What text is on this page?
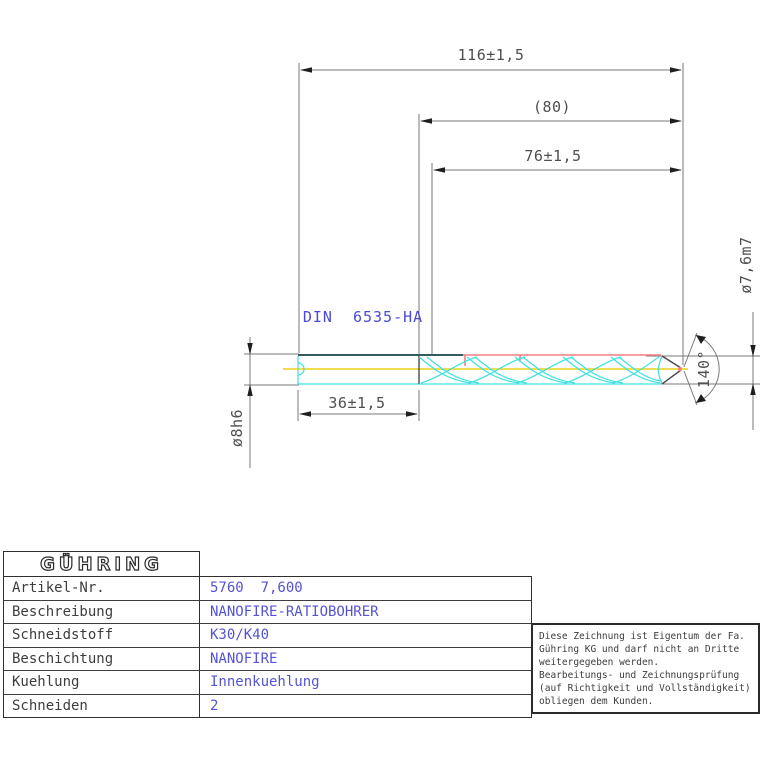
116±1,5
(80)
76±1,5
36±1,5
ø8h6
ø7,6m7
140°
DIN  6535-HA
GÜHRING
Artikel-Nr.	5760  7,600
Beschreibung	NANOFIRE-RATIOBOHRER
Schneidstoff	K30/K40
Beschichtung	NANOFIRE
Kuehlung	Innenkuehlung
Schneiden	2
Diese Zeichnung ist Eigentum der Fa.
Gühring KG und darf nicht an Dritte
weitergegeben werden.
Bearbeitungs- und Zeichnungsprüfung
(auf Richtigkeit und Vollständigkeit)
obliegen dem Kunden.
